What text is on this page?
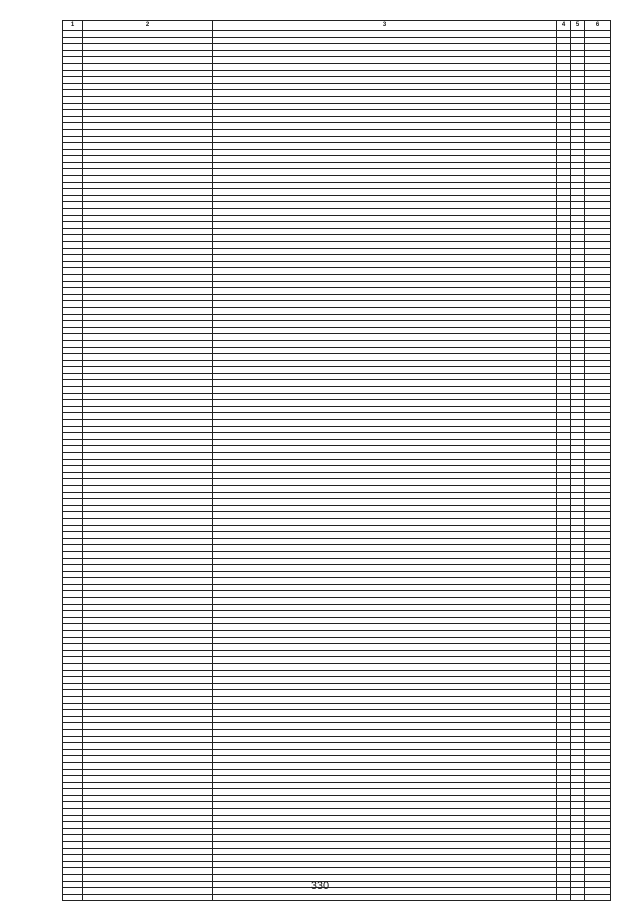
1	2	3	4	5	6

330
